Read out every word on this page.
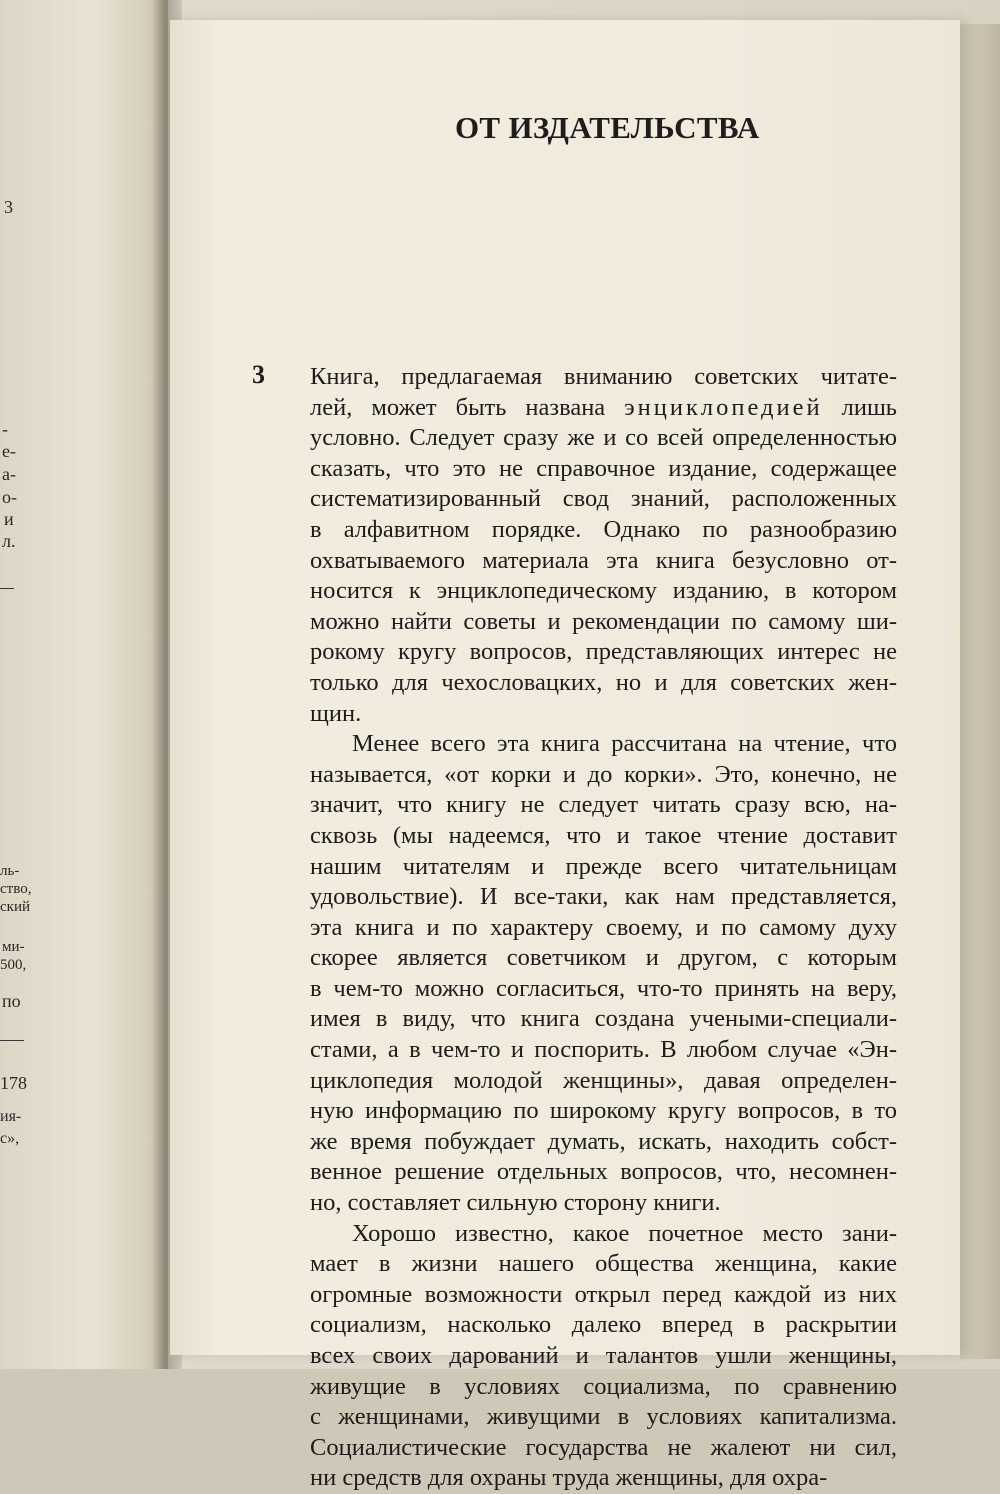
3
-
е-
а-
о-
и
л.
ль-
ство,
ский
ми-
500,
по
178
ия-
с»,
ОТ ИЗДАТЕЛЬСТВА
3 Книга, предлагаемая вниманию советских читате-
лей, может быть названа энциклопедией лишь
условно. Следует сразу же и со всей определенностью
сказать, что это не справочное издание, содержащее
систематизированный свод знаний, расположенных
в алфавитном порядке. Однако по разнообразию
охватываемого материала эта книга безусловно от-
носится к энциклопедическому изданию, в котором
можно найти советы и рекомендации по самому ши-
рокому кругу вопросов, представляющих интерес не
только для чехословацких, но и для советских жен-
щин.
Менее всего эта книга рассчитана на чтение, что
называется, «от корки и до корки». Это, конечно, не
значит, что книгу не следует читать сразу всю, на-
сквозь (мы надеемся, что и такое чтение доставит
нашим читателям и прежде всего читательницам
удовольствие). И все-таки, как нам представляется,
эта книга и по характеру своему, и по самому духу
скорее является советчиком и другом, с которым
в чем-то можно согласиться, что-то принять на веру,
имея в виду, что книга создана учеными-специали-
стами, а в чем-то и поспорить. В любом случае «Эн-
циклопедия молодой женщины», давая определен-
ную информацию по широкому кругу вопросов, в то
же время побуждает думать, искать, находить собст-
венное решение отдельных вопросов, что, несомнен-
но, составляет сильную сторону книги.
Хорошо известно, какое почетное место зани-
мает в жизни нашего общества женщина, какие
огромные возможности открыл перед каждой из них
социализм, насколько далеко вперед в раскрытии
всех своих дарований и талантов ушли женщины,
живущие в условиях социализма, по сравнению
с женщинами, живущими в условиях капитализма.
Социалистические государства не жалеют ни сил,
ни средств для охраны труда женщины, для охра-
